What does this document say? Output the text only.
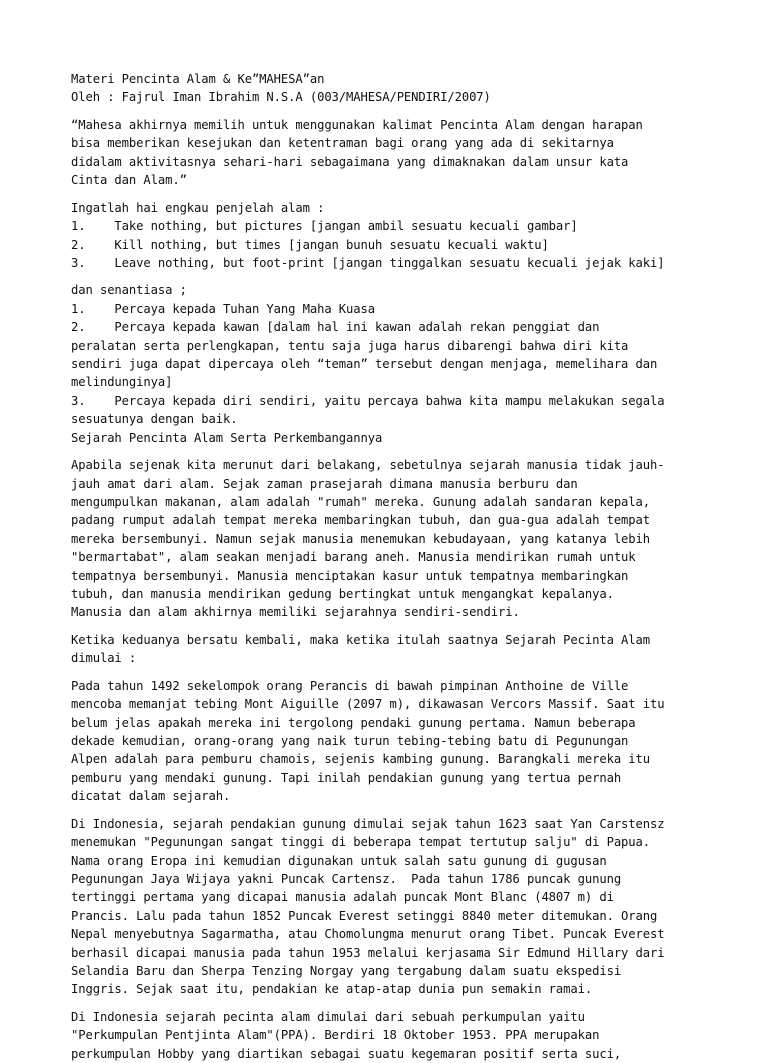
Materi Pencinta Alam & Ke”MAHESA”an
Oleh : Fajrul Iman Ibrahim N.S.A (003/MAHESA/PENDIRI/2007)
“Mahesa akhirnya memilih untuk menggunakan kalimat Pencinta Alam dengan harapan
bisa memberikan kesejukan dan ketentraman bagi orang yang ada di sekitarnya
didalam aktivitasnya sehari-hari sebagaimana yang dimaknakan dalam unsur kata
Cinta dan Alam.”
Ingatlah hai engkau penjelah alam :
1.    Take nothing, but pictures [jangan ambil sesuatu kecuali gambar]
2.    Kill nothing, but times [jangan bunuh sesuatu kecuali waktu]
3.    Leave nothing, but foot-print [jangan tinggalkan sesuatu kecuali jejak kaki]
dan senantiasa ;
1.    Percaya kepada Tuhan Yang Maha Kuasa
2.    Percaya kepada kawan [dalam hal ini kawan adalah rekan penggiat dan
peralatan serta perlengkapan, tentu saja juga harus dibarengi bahwa diri kita
sendiri juga dapat dipercaya oleh “teman” tersebut dengan menjaga, memelihara dan
melindunginya]
3.    Percaya kepada diri sendiri, yaitu percaya bahwa kita mampu melakukan segala
sesuatunya dengan baik.
Sejarah Pencinta Alam Serta Perkembangannya
Apabila sejenak kita merunut dari belakang, sebetulnya sejarah manusia tidak jauh-
jauh amat dari alam. Sejak zaman prasejarah dimana manusia berburu dan
mengumpulkan makanan, alam adalah "rumah" mereka. Gunung adalah sandaran kepala,
padang rumput adalah tempat mereka membaringkan tubuh, dan gua-gua adalah tempat
mereka bersembunyi. Namun sejak manusia menemukan kebudayaan, yang katanya lebih
"bermartabat", alam seakan menjadi barang aneh. Manusia mendirikan rumah untuk
tempatnya bersembunyi. Manusia menciptakan kasur untuk tempatnya membaringkan
tubuh, dan manusia mendirikan gedung bertingkat untuk mengangkat kepalanya.
Manusia dan alam akhirnya memiliki sejarahnya sendiri-sendiri.
Ketika keduanya bersatu kembali, maka ketika itulah saatnya Sejarah Pecinta Alam
dimulai :
Pada tahun 1492 sekelompok orang Perancis di bawah pimpinan Anthoine de Ville
mencoba memanjat tebing Mont Aiguille (2097 m), dikawasan Vercors Massif. Saat itu
belum jelas apakah mereka ini tergolong pendaki gunung pertama. Namun beberapa
dekade kemudian, orang-orang yang naik turun tebing-tebing batu di Pegunungan
Alpen adalah para pemburu chamois, sejenis kambing gunung. Barangkali mereka itu
pemburu yang mendaki gunung. Tapi inilah pendakian gunung yang tertua pernah
dicatat dalam sejarah.
Di Indonesia, sejarah pendakian gunung dimulai sejak tahun 1623 saat Yan Carstensz
menemukan "Pegunungan sangat tinggi di beberapa tempat tertutup salju" di Papua.
Nama orang Eropa ini kemudian digunakan untuk salah satu gunung di gugusan
Pegunungan Jaya Wijaya yakni Puncak Cartensz.  Pada tahun 1786 puncak gunung
tertinggi pertama yang dicapai manusia adalah puncak Mont Blanc (4807 m) di
Prancis. Lalu pada tahun 1852 Puncak Everest setinggi 8840 meter ditemukan. Orang
Nepal menyebutnya Sagarmatha, atau Chomolungma menurut orang Tibet. Puncak Everest
berhasil dicapai manusia pada tahun 1953 melalui kerjasama Sir Edmund Hillary dari
Selandia Baru dan Sherpa Tenzing Norgay yang tergabung dalam suatu ekspedisi
Inggris. Sejak saat itu, pendakian ke atap-atap dunia pun semakin ramai.
Di Indonesia sejarah pecinta alam dimulai dari sebuah perkumpulan yaitu
"Perkumpulan Pentjinta Alam"(PPA). Berdiri 18 Oktober 1953. PPA merupakan
perkumpulan Hobby yang diartikan sebagai suatu kegemaran positif serta suci,
